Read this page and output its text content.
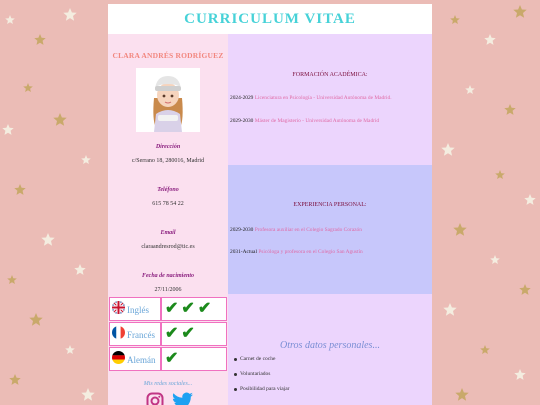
CURRICULUM VITAE
CLARA ANDRÉS RODRÍGUEZ
Dirección
c/Serrano 18, 280016, Madrid
Teléfono
615 78 54 22
Email
claraandresrod@tic.es
Fecha de nacimiento
27/11/2006
Inglés ✔✔✔
Francés ✔✔
Alemán ✔
Mis redes sociales...
FORMACIÓN ACADÉMICA:
2024-2029 Licenciatura en Psicología - Universidad Autónoma de Madrid.
2029-2030 Máster de Magisterio - Universidad Autónoma de Madrid
EXPERIENCIA PERSONAL:
2029-2030 Profesora auxiliar en el Colegio Sagrado Corazón
2031-Actual Psicóloga y profesora en el Colegio San Agustín
Otros datos personales...
Carnet de coche
Voluntariados
Posibilidad para viajar
